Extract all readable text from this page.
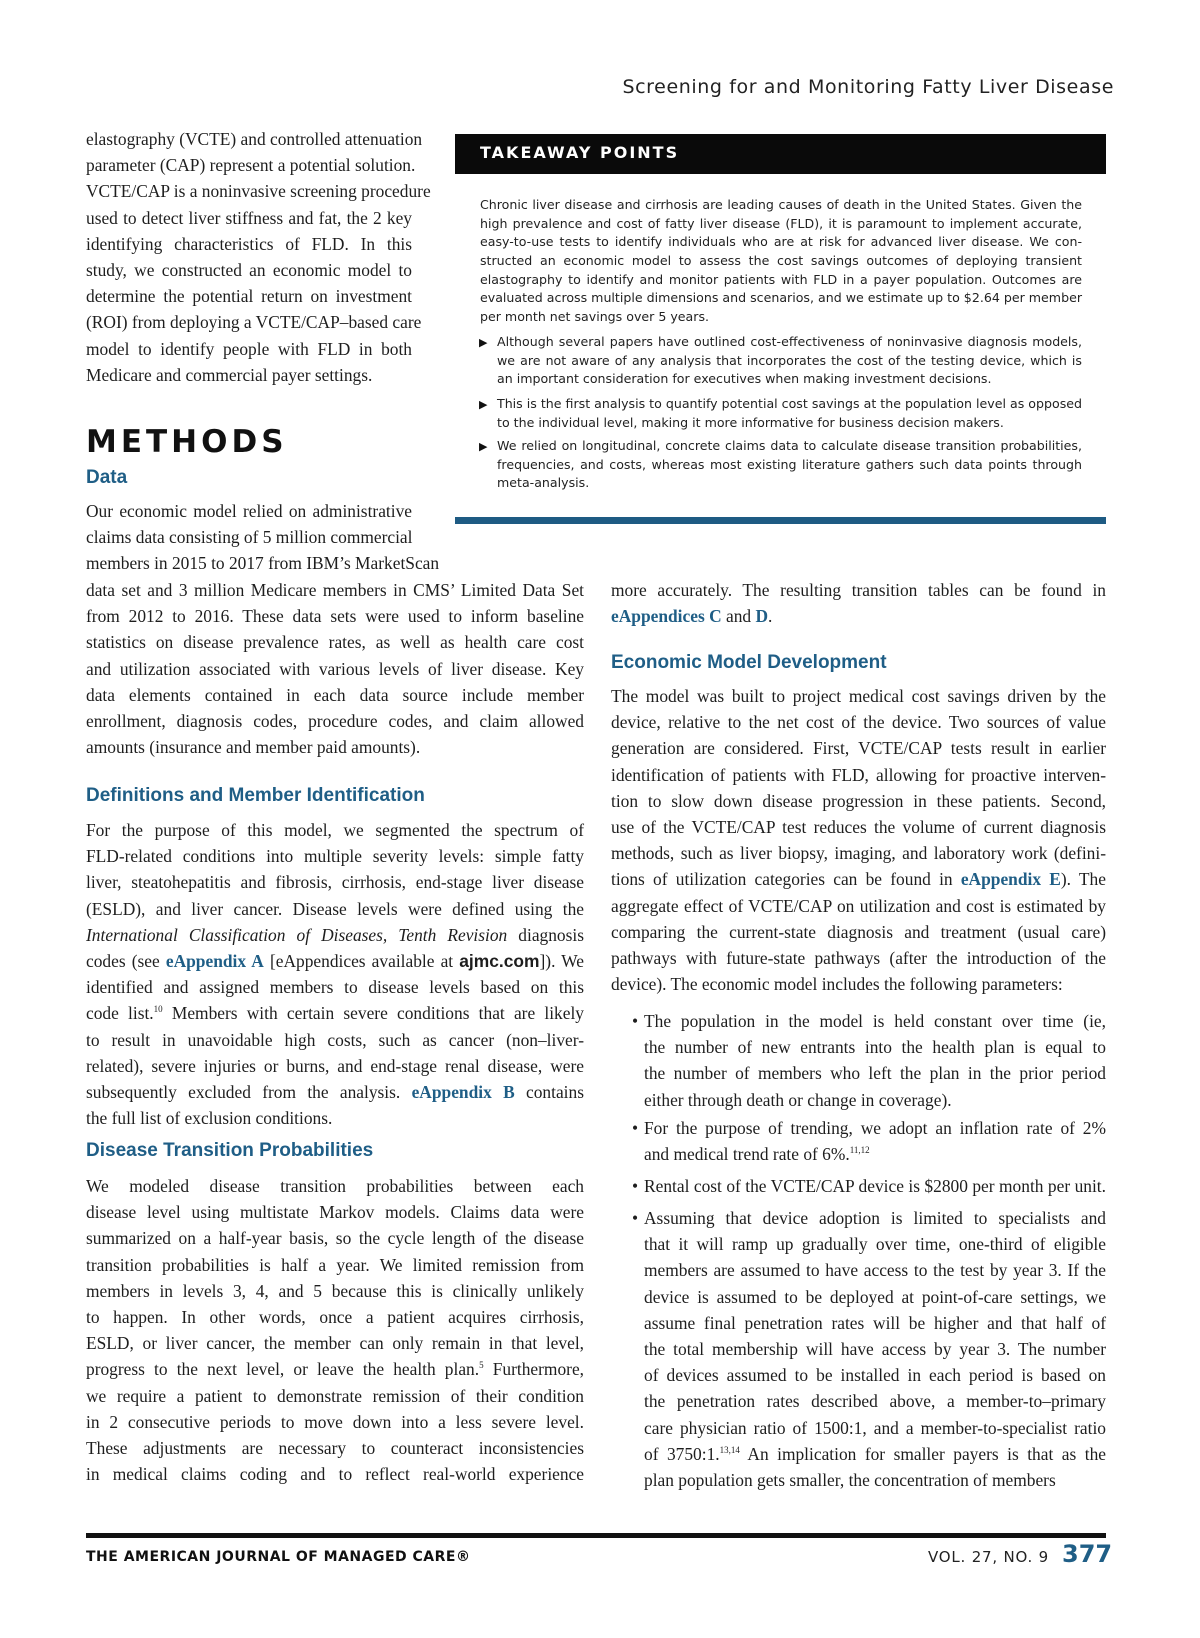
Screening for and Monitoring Fatty Liver Disease
elastography (VCTE) and controlled attenuation
parameter (CAP) represent a potential solution.
VCTE/CAP is a noninvasive screening procedure
used to detect liver stiffness and fat, the 2 key
identifying characteristics of FLD. In this
study, we constructed an economic model to
determine the potential return on investment
(ROI) from deploying a VCTE/CAP–based care
model to identify people with FLD in both
Medicare and commercial payer settings.
TAKEAWAY POINTS
Chronic liver disease and cirrhosis are leading causes of death in the United States. Given the
high prevalence and cost of fatty liver disease (FLD), it is paramount to implement accurate,
easy-to-use tests to identify individuals who are at risk for advanced liver disease. We con-
structed an economic model to assess the cost savings outcomes of deploying transient
elastography to identify and monitor patients with FLD in a payer population. Outcomes are
evaluated across multiple dimensions and scenarios, and we estimate up to $2.64 per member
per month net savings over 5 years.
▶ Although several papers have outlined cost-effectiveness of noninvasive diagnosis models,
we are not aware of any analysis that incorporates the cost of the testing device, which is
an important consideration for executives when making investment decisions.
▶ This is the first analysis to quantify potential cost savings at the population level as opposed
to the individual level, making it more informative for business decision makers.
▶ We relied on longitudinal, concrete claims data to calculate disease transition probabilities,
frequencies, and costs, whereas most existing literature gathers such data points through
meta-analysis.
METHODS
Data
Our economic model relied on administrative
claims data consisting of 5 million commercial
members in 2015 to 2017 from IBM’s MarketScan
data set and 3 million Medicare members in CMS’ Limited Data Set
from 2012 to 2016. These data sets were used to inform baseline
statistics on disease prevalence rates, as well as health care cost
and utilization associated with various levels of liver disease. Key
data elements contained in each data source include member
enrollment, diagnosis codes, procedure codes, and claim allowed
amounts (insurance and member paid amounts).
Definitions and Member Identification
For the purpose of this model, we segmented the spectrum of
FLD-related conditions into multiple severity levels: simple fatty
liver, steatohepatitis and fibrosis, cirrhosis, end-stage liver disease
(ESLD), and liver cancer. Disease levels were defined using the
International Classification of Diseases, Tenth Revision diagnosis
codes (see eAppendix A [eAppendices available at ajmc.com]). We
identified and assigned members to disease levels based on this
code list.$^{10}$ Members with certain severe conditions that are likely
to result in unavoidable high costs, such as cancer (non–liver-
related), severe injuries or burns, and end-stage renal disease, were
subsequently excluded from the analysis. eAppendix B contains
the full list of exclusion conditions.
Disease Transition Probabilities
We modeled disease transition probabilities between each
disease level using multistate Markov models. Claims data were
summarized on a half-year basis, so the cycle length of the disease
transition probabilities is half a year. We limited remission from
members in levels 3, 4, and 5 because this is clinically unlikely
to happen. In other words, once a patient acquires cirrhosis,
ESLD, or liver cancer, the member can only remain in that level,
progress to the next level, or leave the health plan.$^5$ Furthermore,
we require a patient to demonstrate remission of their condition
in 2 consecutive periods to move down into a less severe level.
These adjustments are necessary to counteract inconsistencies
in medical claims coding and to reflect real-world experience
more accurately. The resulting transition tables can be found in
eAppendices C and D.
Economic Model Development
The model was built to project medical cost savings driven by the
device, relative to the net cost of the device. Two sources of value
generation are considered. First, VCTE/CAP tests result in earlier
identification of patients with FLD, allowing for proactive interven-
tion to slow down disease progression in these patients. Second,
use of the VCTE/CAP test reduces the volume of current diagnosis
methods, such as liver biopsy, imaging, and laboratory work (defini-
tions of utilization categories can be found in eAppendix E). The
aggregate effect of VCTE/CAP on utilization and cost is estimated by
comparing the current-state diagnosis and treatment (usual care)
pathways with future-state pathways (after the introduction of the
device). The economic model includes the following parameters:
• The population in the model is held constant over time (ie,
the number of new entrants into the health plan is equal to
the number of members who left the plan in the prior period
either through death or change in coverage).
• For the purpose of trending, we adopt an inflation rate of 2%
and medical trend rate of 6%.$^{11,12}$
• Rental cost of the VCTE/CAP device is $2800 per month per unit.
• Assuming that device adoption is limited to specialists and
that it will ramp up gradually over time, one-third of eligible
members are assumed to have access to the test by year 3. If the
device is assumed to be deployed at point-of-care settings, we
assume final penetration rates will be higher and that half of
the total membership will have access by year 3. The number
of devices assumed to be installed in each period is based on
the penetration rates described above, a member-to–primary
care physician ratio of 1500:1, and a member-to-specialist ratio
of 3750:1.$^{13,14}$ An implication for smaller payers is that as the
plan population gets smaller, the concentration of members
THE AMERICAN JOURNAL OF MANAGED CARE®	VOL. 27, NO. 9 377
